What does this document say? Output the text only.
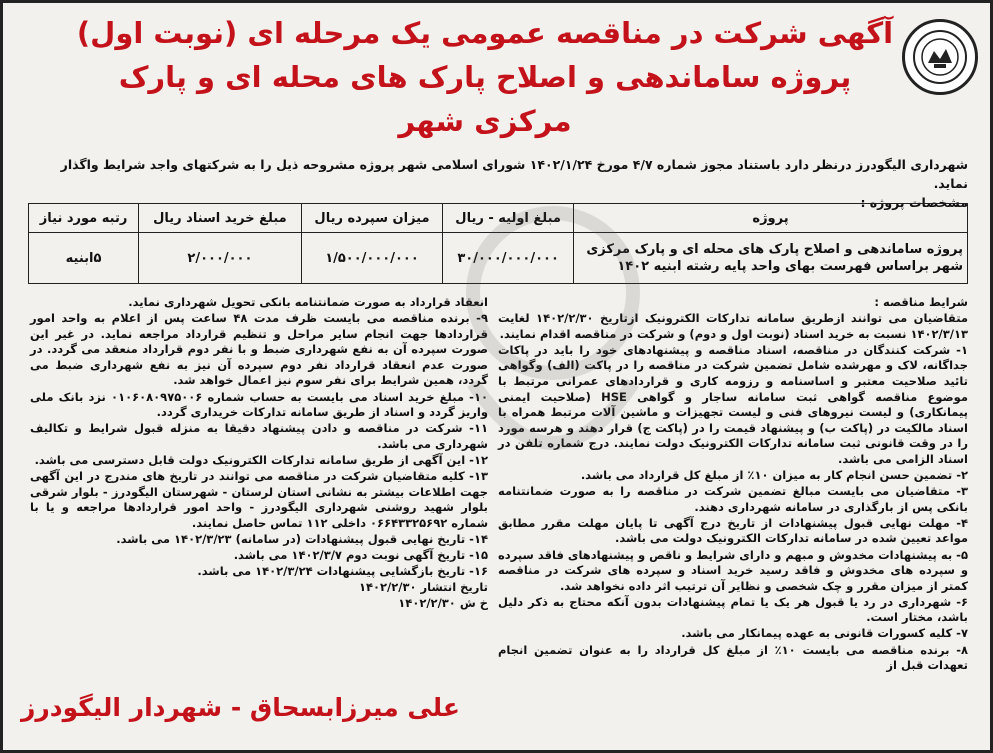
آگهی شرکت در مناقصه عمومی یک مرحله ای (نوبت اول)
پروژه ساماندهی و اصلاح پارک های محله ای و پارک مرکزی شهر
شهرداری الیگودرز درنظر دارد باستناد مجوز شماره ۴/۷ مورخ ۱۴۰۲/۱/۲۴ شورای اسلامی شهر پروژه مشروحه ذیل را به شرکتهای واجد شرایط واگذار نماید.
مشخصات پروژه :
پروژه	مبلغ اولیه - ریال	میزان سپرده ریال	مبلغ خرید اسناد ریال	رتبه مورد نیاز
پروژه ساماندهی و اصلاح پارک های محله ای و پارک مرکزی شهر براساس فهرست بهای واحد پایه رشته ابنیه ۱۴۰۲	۳۰/۰۰۰/۰۰۰/۰۰۰	۱/۵۰۰/۰۰۰/۰۰۰	۲/۰۰۰/۰۰۰	۵ابنیه

شرایط مناقصه :

متقاضیان می توانند ازطریق سامانه تدارکات الکترونیک ازتاریخ ۱۴۰۲/۲/۳۰ لغایت ۱۴۰۲/۳/۱۳ نسبت به خرید اسناد (نوبت اول و دوم) و شرکت در مناقصه اقدام نمایند.

۱- شرکت کنندگان در مناقصه، اسناد مناقصه و پیشنهادهای خود را باید در پاکات جداگانه، لاک و مهرشده شامل تضمین شرکت در مناقصه را در پاکت (الف) وگواهی تائید صلاحیت معتبر و اساسنامه و رزومه کاری و قراردادهای عمرانی مرتبط با موضوع مناقصه گواهی ثبت سامانه ساجار و گواهی HSE (صلاحیت ایمنی پیمانکاری) و لیست نیروهای فنی و لیست تجهیزات و ماشین آلات مرتبط همراه با اسناد مالکیت در (پاکت ب) و پیشنهاد قیمت را در (پاکت ج) قرار دهند و هرسه مورد را در وقت قانونی ثبت سامانه تدارکات الکترونیک دولت نمایند. درج شماره تلفن در اسناد الزامی می باشد.

۲- تضمین حسن انجام کار به میزان ۱۰٪ از مبلغ کل قرارداد می باشد.

۳- متقاضیان می بایست مبالغ تضمین شرکت در مناقصه را به صورت ضمانتنامه بانکی پس از بارگذاری در سامانه شهرداری دهند.

۴- مهلت نهایی قبول پیشنهادات از تاریخ درج آگهی تا پایان مهلت مقرر مطابق مواعد تعیین شده در سامانه تدارکات الکترونیک دولت می باشد.

۵- به پیشنهادات مخدوش و مبهم و دارای شرایط و ناقص و پیشنهادهای فاقد سپرده و سپرده های مخدوش و فاقد رسید خرید اسناد و سپرده های شرکت در مناقصه کمتر از میزان مقرر و چک شخصی و نظایر آن ترتیب اثر داده نخواهد شد.

۶- شهرداری در رد یا قبول هر یک یا تمام پیشنهادات بدون آنکه محتاج به ذکر دلیل باشد، مختار است.

۷- کلیه کسورات قانونی به عهده پیمانکار می باشد.

۸- برنده مناقصه می بایست ۱۰٪ از مبلغ کل قرارداد را به عنوان تضمین انجام تعهدات قبل از

انعقاد قرارداد به صورت ضمانتنامه بانکی تحویل شهرداری نماید.

۹- برنده مناقصه می بایست ظرف مدت ۴۸ ساعت پس از اعلام به واحد امور قراردادها جهت انجام سایر مراحل و تنظیم قرارداد مراجعه نماید. در غیر این صورت سپرده آن به نفع شهرداری ضبط و با نفر دوم قرارداد منعقد می گردد. در صورت عدم انعقاد قرارداد نفر دوم سپرده آن نیز به نفع شهرداری ضبط می گردد، همین شرایط برای نفر سوم نیز اعمال خواهد شد.

۱۰- مبلغ خرید اسناد می بایست به حساب شماره ۰۱۰۶۰۸۰۹۷۵۰۰۶ نزد بانک ملی واریز گردد و اسناد از طریق سامانه تدارکات خریداری گردد.

۱۱- شرکت در مناقصه و دادن پیشنهاد دقیقا به منزله قبول شرایط و تکالیف شهرداری می باشد.

۱۲- این آگهی از طریق سامانه تدارکات الکترونیک دولت قابل دسترسی می باشد.

۱۳- کلیه متقاضیان شرکت در مناقصه می توانند در تاریخ های مندرج در این آگهی جهت اطلاعات بیشتر به نشانی استان لرستان - شهرستان الیگودرز - بلوار شرقی بلوار شهید روشنی شهرداری الیگودرز - واحد امور قراردادها مراجعه و یا با شماره ۰۶۶۴۳۳۲۵۶۹۲ داخلی ۱۱۲ تماس حاصل نمایند.

۱۴- تاریخ نهایی قبول پیشنهادات (در سامانه) ۱۴۰۲/۳/۲۳ می باشد.

۱۵- تاریخ آگهی نوبت دوم ۱۴۰۲/۳/۷ می باشد.

۱۶- تاریخ بازگشایی پیشنهادات ۱۴۰۲/۳/۲۴ می باشد.

تاریخ انتشار ۱۴۰۲/۲/۳۰

خ ش ۱۴۰۲/۲/۳۰

علی میرزابسحاق - شهردار الیگودرز
